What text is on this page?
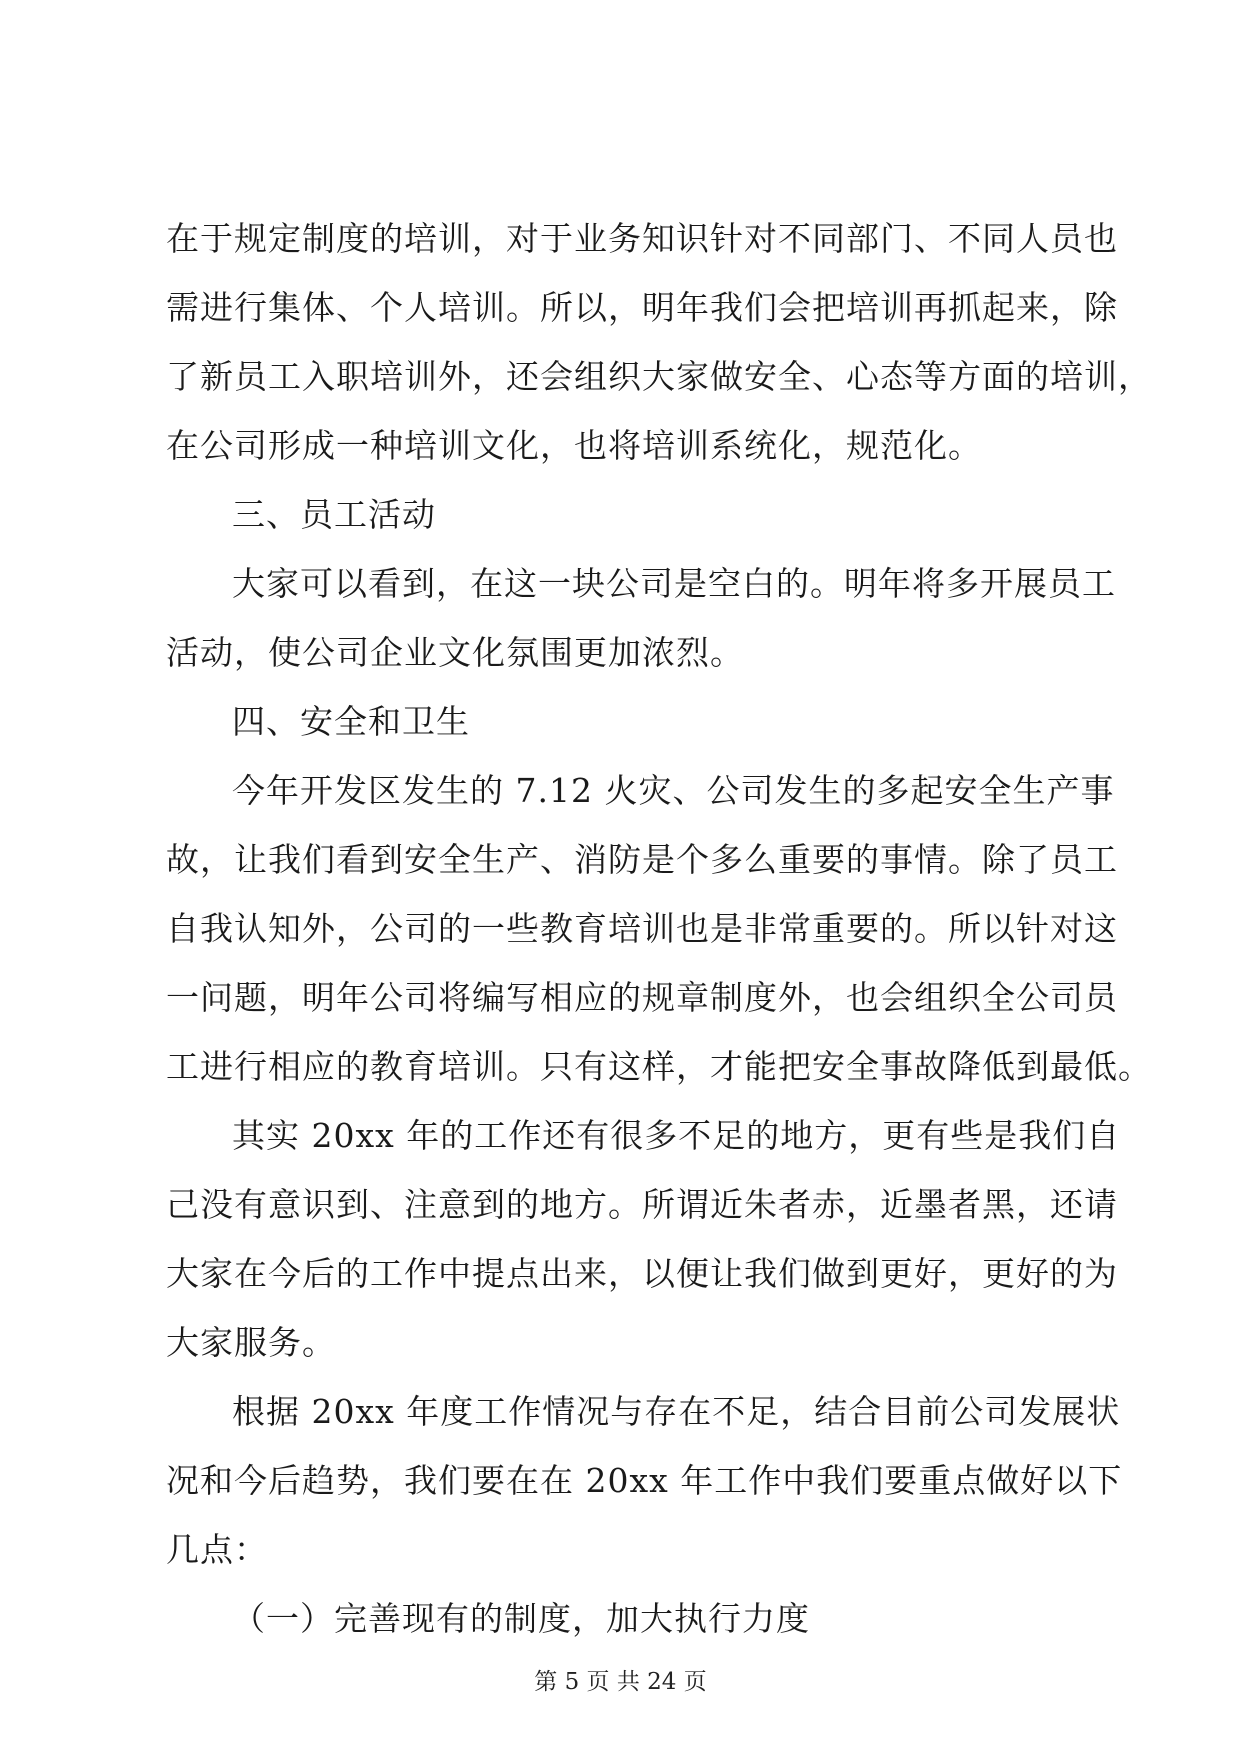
在于规定制度的培训，对于业务知识针对不同部门、不同人员也
需进行集体、个人培训。所以，明年我们会把培训再抓起来，除
了新员工入职培训外，还会组织大家做安全、心态等方面的培训，
在公司形成一种培训文化，也将培训系统化，规范化。
三、员工活动
大家可以看到，在这一块公司是空白的。明年将多开展员工
活动，使公司企业文化氛围更加浓烈。
四、安全和卫生
今年开发区发生的 7.12 火灾、公司发生的多起安全生产事
故，让我们看到安全生产、消防是个多么重要的事情。除了员工
自我认知外，公司的一些教育培训也是非常重要的。所以针对这
一问题，明年公司将编写相应的规章制度外，也会组织全公司员
工进行相应的教育培训。只有这样，才能把安全事故降低到最低。
其实 20xx 年的工作还有很多不足的地方，更有些是我们自
己没有意识到、注意到的地方。所谓近朱者赤，近墨者黑，还请
大家在今后的工作中提点出来，以便让我们做到更好，更好的为
大家服务。
根据 20xx 年度工作情况与存在不足，结合目前公司发展状
况和今后趋势，我们要在在 20xx 年工作中我们要重点做好以下
几点：
（一）完善现有的制度，加大执行力度
第 5 页 共 24 页
